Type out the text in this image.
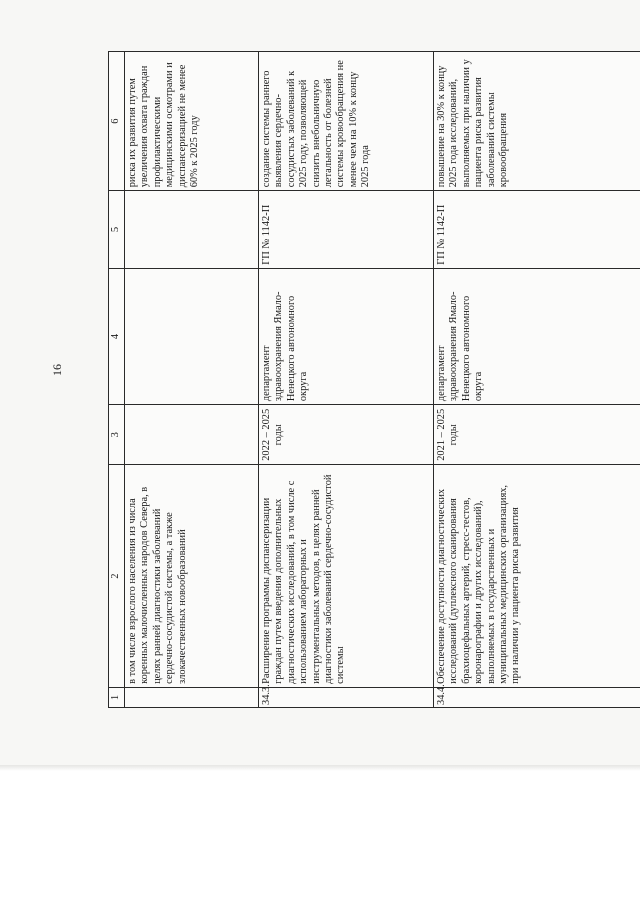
16
1	2	3	4	5	6
	в том числе взрослого населения из числа коренных малочисленных народов Севера, в целях ранней диагностики заболеваний сердечно-сосудистой системы, а также злокачественных новообразований				риска их развития путем увеличения охвата граждан профилактическими медицинскими осмотрами и диспансеризацией не менее 60% к 2025 году
34.3.	Расширение программы диспансеризации граждан путем введения дополнительных диагностических исследований, в том числе с использованием лабораторных и инструментальных методов, в целях ранней диагностики заболеваний сердечно-сосудистой системы	2022 – 2025 годы	департамент здравоохранения Ямало-Ненецкого автономного округа	ГП № 1142-П	создание системы раннего выявления сердечно-сосудистых заболеваний к 2025 году, позволяющей снизить внебольничную летальность от болезней системы кровообращения не менее чем на 10% к концу 2025 года
34.4.	Обеспечение доступности диагностических исследований (дуплексного сканирования брахиоцефальных артерий, стресс-тестов, коронарографии и других исследований), выполняемых в государственных и муниципальных медицинских организациях, при наличии у пациента риска развития	2021 – 2025 годы	департамент здравоохранения Ямало-Ненецкого автономного округа	ГП № 1142-П	повышение на 30% к концу 2025 года исследований, выполняемых при наличии у пациента риска развития заболеваний системы кровообращения
